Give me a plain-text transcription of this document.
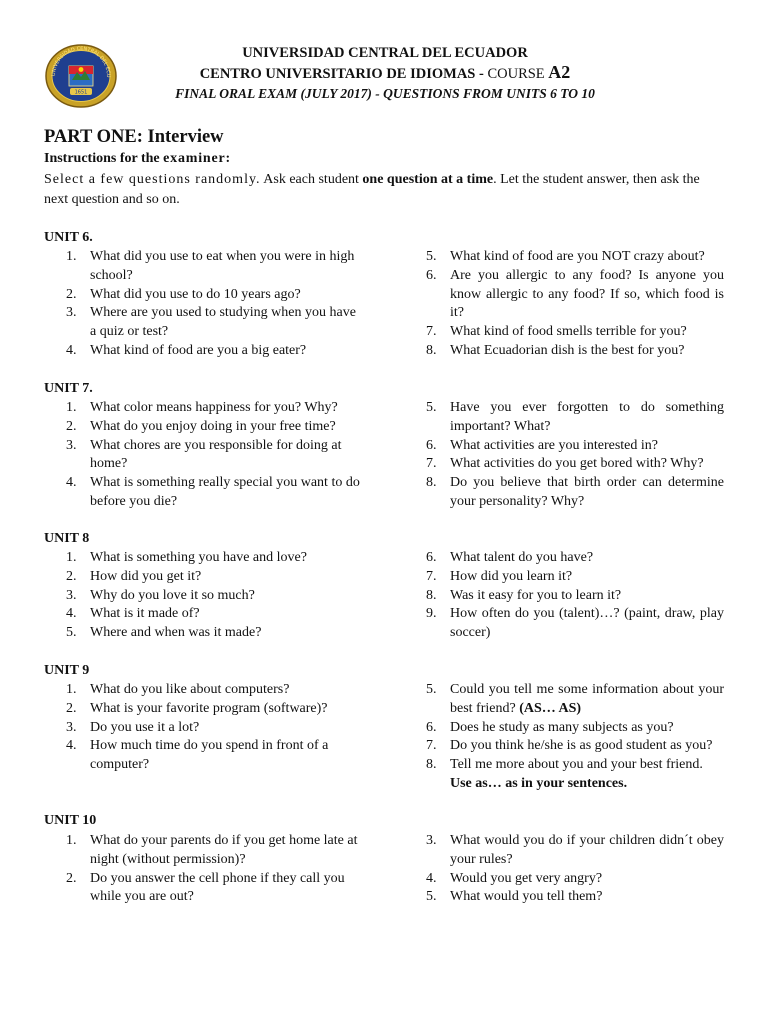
UNIVERSIDAD CENTRAL DEL ECU
1651
UNIVERSIDAD CENTRAL DEL ECUADOR
CENTRO UNIVERSITARIO DE IDIOMAS - COURSE A2
FINAL ORAL EXAM (JULY 2017) - QUESTIONS FROM UNITS 6 TO 10
PART ONE: Interview
Instructions for the examiner:
Select a few questions randomly. Ask each student one question at a time. Let the student answer, then ask the next question and so on.
UNIT 6.
1. What did you use to eat when you were in high school?
2. What did you use to do 10 years ago?
3. Where are you used to studying when you have a quiz or test?
4. What kind of food are you a big eater?
5. What kind of food are you NOT crazy about?
6. Are you allergic to any food? Is anyone you know allergic to any food? If so, which food is it?
7. What kind of food smells terrible for you?
8. What Ecuadorian dish is the best for you?
UNIT 7.
1. What color means happiness for you? Why?
2. What do you enjoy doing in your free time?
3. What chores are you responsible for doing at home?
4. What is something really special you want to do before you die?
5. Have you ever forgotten to do something important? What?
6. What activities are you interested in?
7. What activities do you get bored with? Why?
8. Do you believe that birth order can determine your personality? Why?
UNIT 8
1. What is something you have and love?
2. How did you get it?
3. Why do you love it so much?
4. What is it made of?
5. Where and when was it made?
6. What talent do you have?
7. How did you learn it?
8. Was it easy for you to learn it?
9. How often do you (talent)…? (paint, draw, play soccer)
UNIT 9
1. What do you like about computers?
2. What is your favorite program (software)?
3. Do you use it a lot?
4. How much time do you spend in front of a computer?
5. Could you tell me some information about your best friend? (AS… AS)
6. Does he study as many subjects as you?
7. Do you think he/she is as good student as you?
8. Tell me more about you and your best friend.
Use as… as in your sentences.
UNIT 10
1. What do your parents do if you get home late at night (without permission)?
2. Do you answer the cell phone if they call you while you are out?
3. What would you do if your children didn´t obey your rules?
4. Would you get very angry?
5. What would you tell them?
